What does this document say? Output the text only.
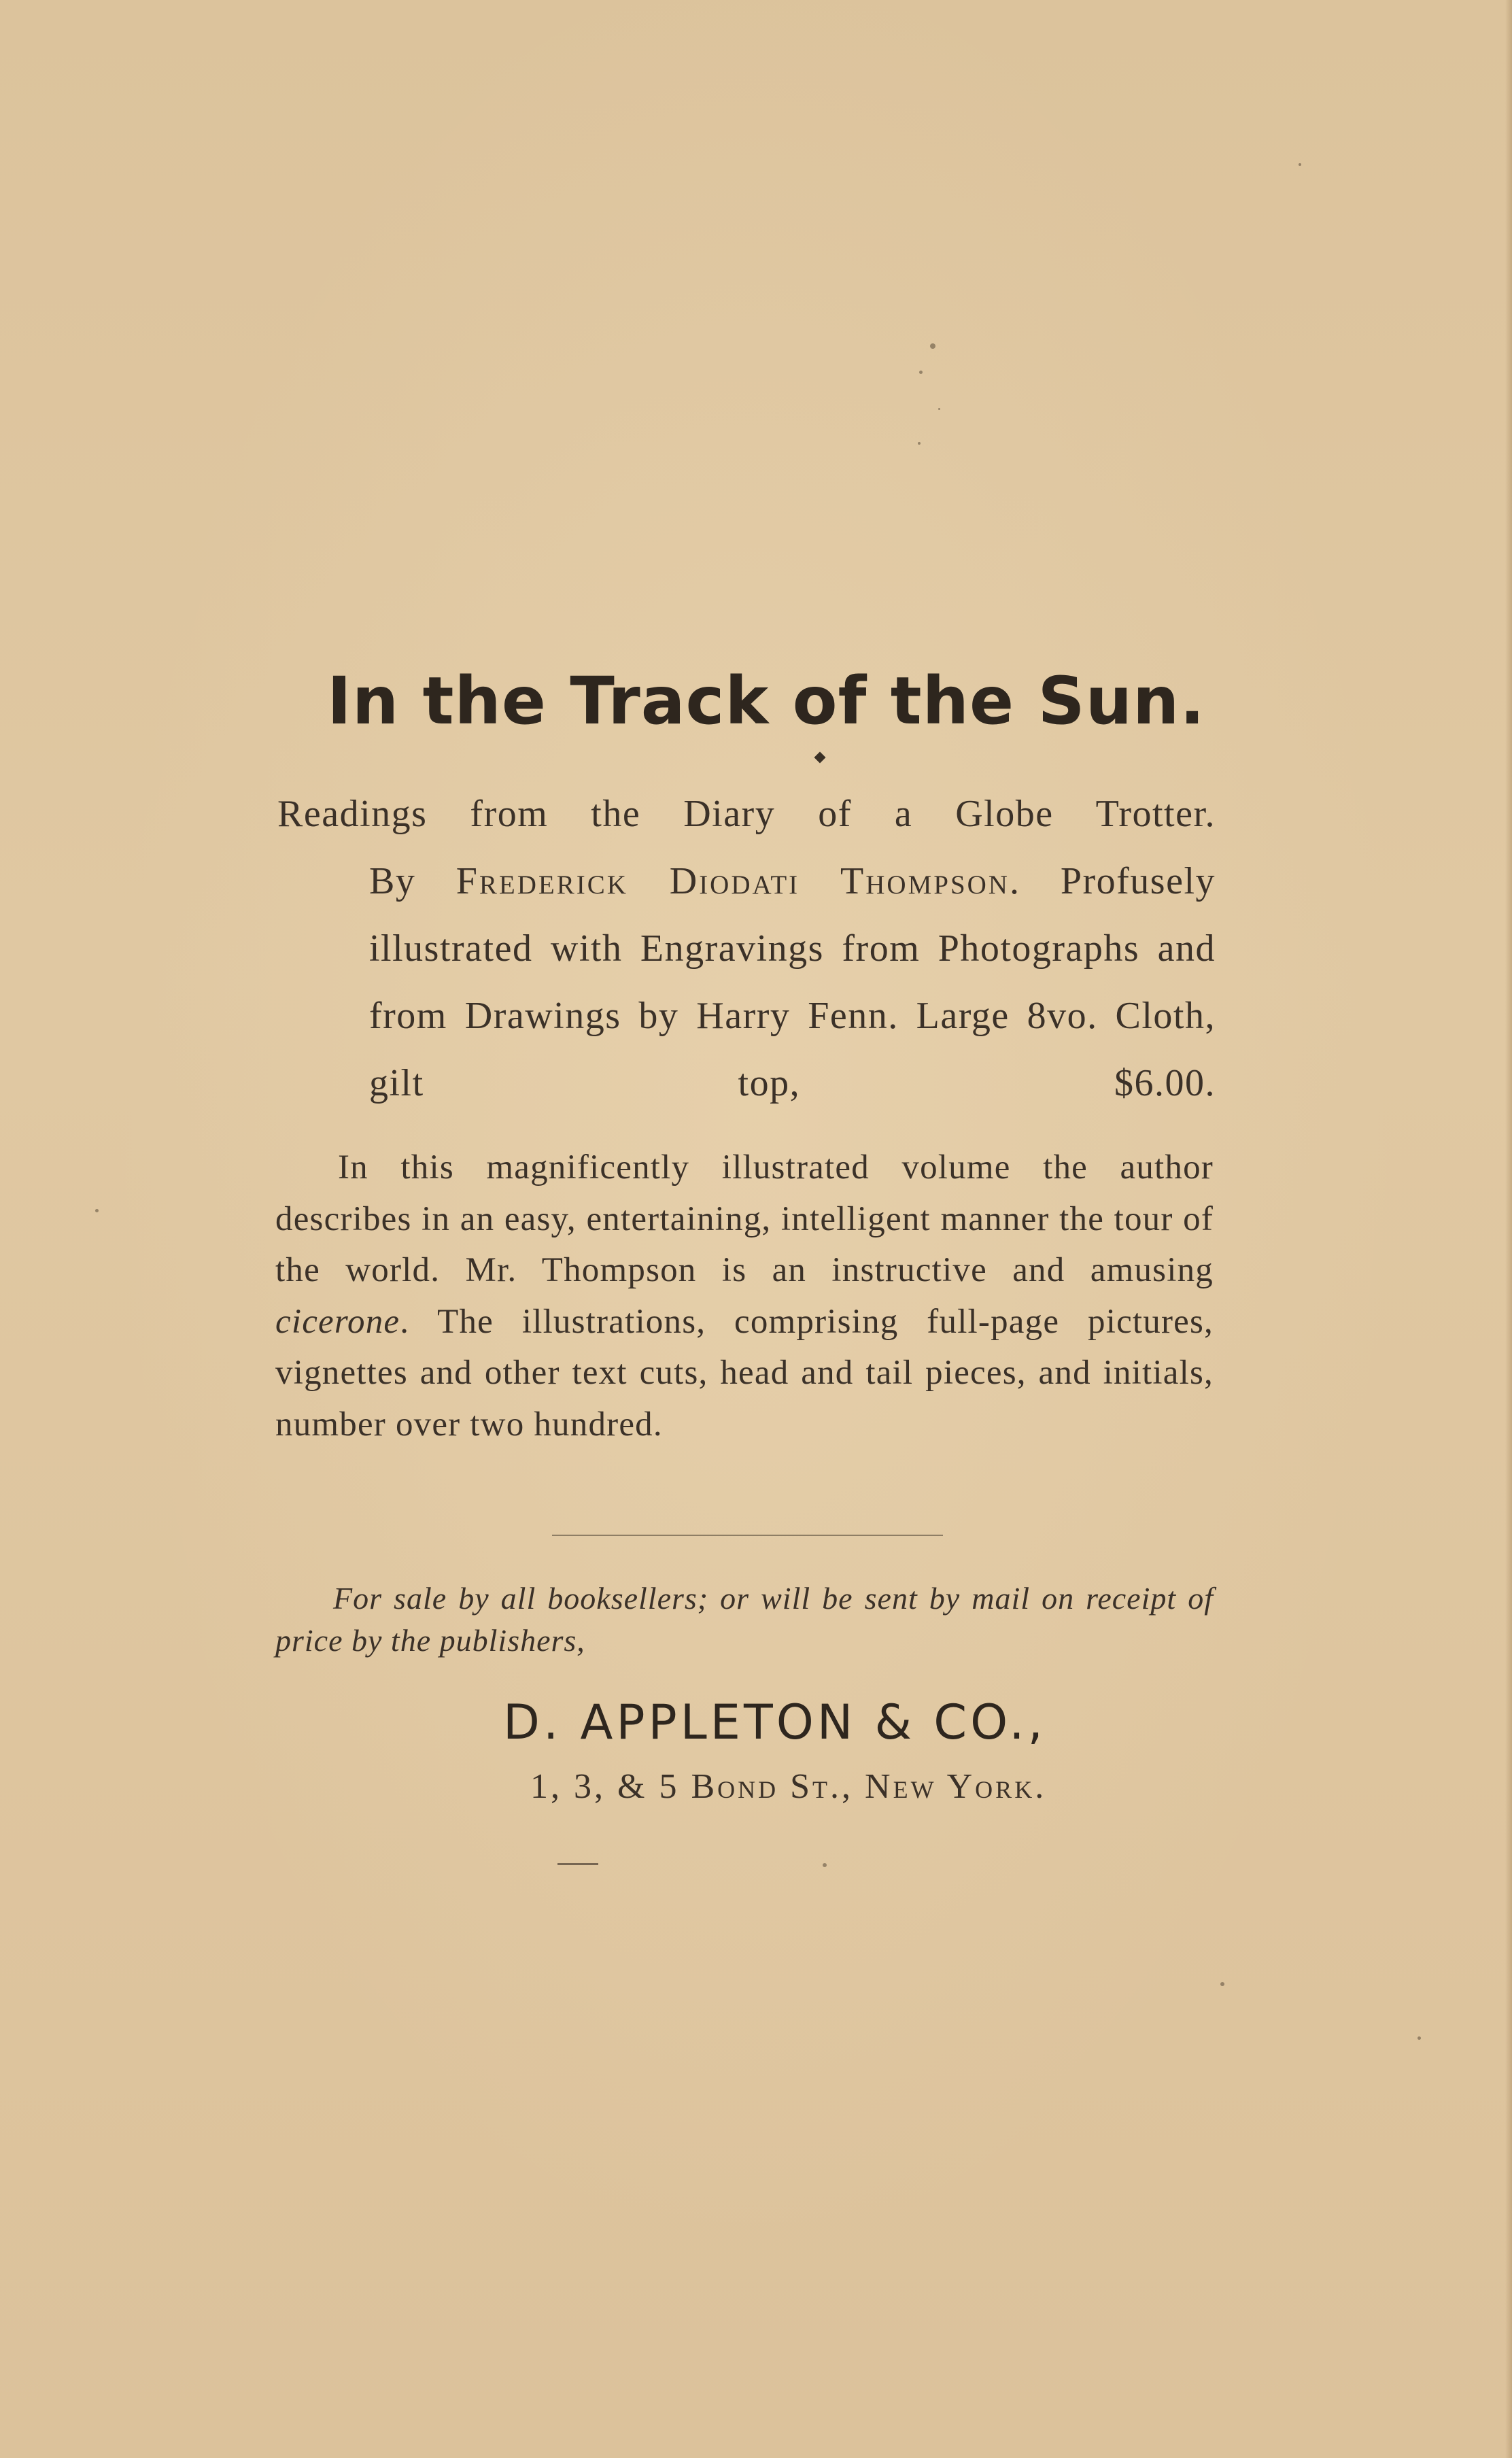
In the Track of the Sun.
Readings from the Diary of a Globe Trotter.
By Frederick Diodati Thompson. Profusely illustrated with Engravings from Photographs and from Drawings by Harry Fenn. Large 8vo. Cloth, gilt top, $6.00.
In this magnificently illustrated volume the author describes in an easy, entertaining, intelligent manner the tour of the world. Mr. Thompson is an instructive and amusing cicerone. The illustrations, comprising full-page pictures, vignettes and other text cuts, head and tail pieces, and initials, number over two hundred.
For sale by all booksellers; or will be sent by mail on receipt of price by the publishers,
D. APPLETON & CO.,
1, 3, & 5 Bond St., New York.
